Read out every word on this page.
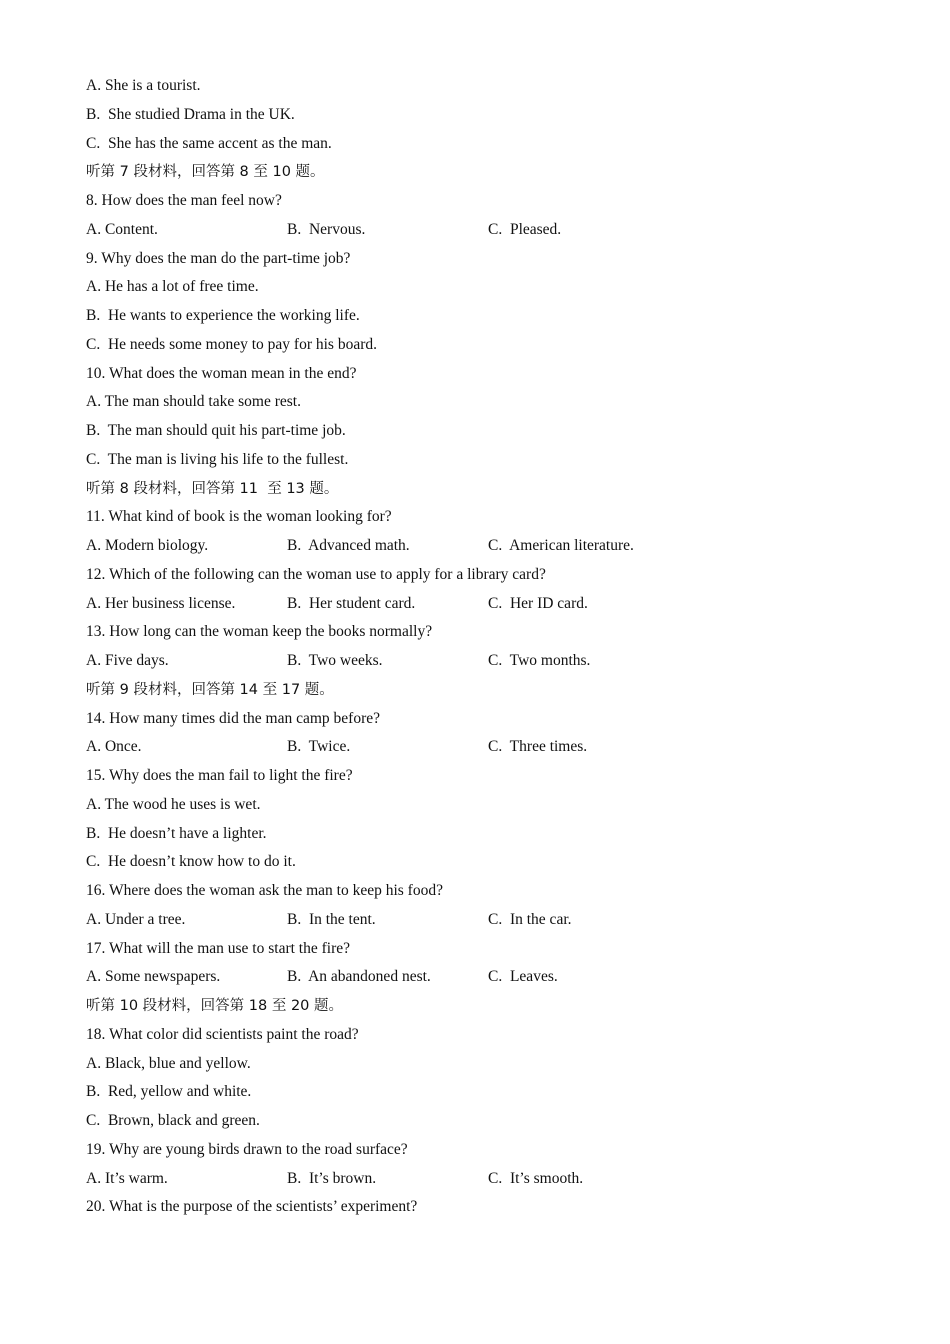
A. She is a tourist.
B.  She studied Drama in the UK.
C.  She has the same accent as the man.
听第 7 段材料，回答第 8 至 10 题。
8. How does the man feel now?
A. Content.	B.  Nervous.	C.  Pleased.
9. Why does the man do the part-time job?
A. He has a lot of free time.
B.  He wants to experience the working life.
C.  He needs some money to pay for his board.
10. What does the woman mean in the end?
A. The man should take some rest.
B.  The man should quit his part-time job.
C.  The man is living his life to the fullest.
听第 8 段材料，回答第 11  至 13 题。
11. What kind of book is the woman looking for?
A. Modern biology.	B.  Advanced math.	C.  American literature.
12. Which of the following can the woman use to apply for a library card?
A. Her business license.	B.  Her student card.	C.  Her ID card.
13. How long can the woman keep the books normally?
A. Five days.	B.  Two weeks.	C.  Two months.
听第 9 段材料，回答第 14 至 17 题。
14. How many times did the man camp before?
A. Once.	B.  Twice.	C.  Three times.
15. Why does the man fail to light the fire?
A. The wood he uses is wet.
B.  He doesn’t have a lighter.
C.  He doesn’t know how to do it.
16. Where does the woman ask the man to keep his food?
A. Under a tree.	B.  In the tent.	C.  In the car.
17. What will the man use to start the fire?
A. Some newspapers.	B.  An abandoned nest.	C.  Leaves.
听第 10 段材料，回答第 18 至 20 题。
18. What color did scientists paint the road?
A. Black, blue and yellow.
B.  Red, yellow and white.
C.  Brown, black and green.
19. Why are young birds drawn to the road surface?
A. It’s warm.	B.  It’s brown.	C.  It’s smooth.
20. What is the purpose of the scientists’ experiment?
